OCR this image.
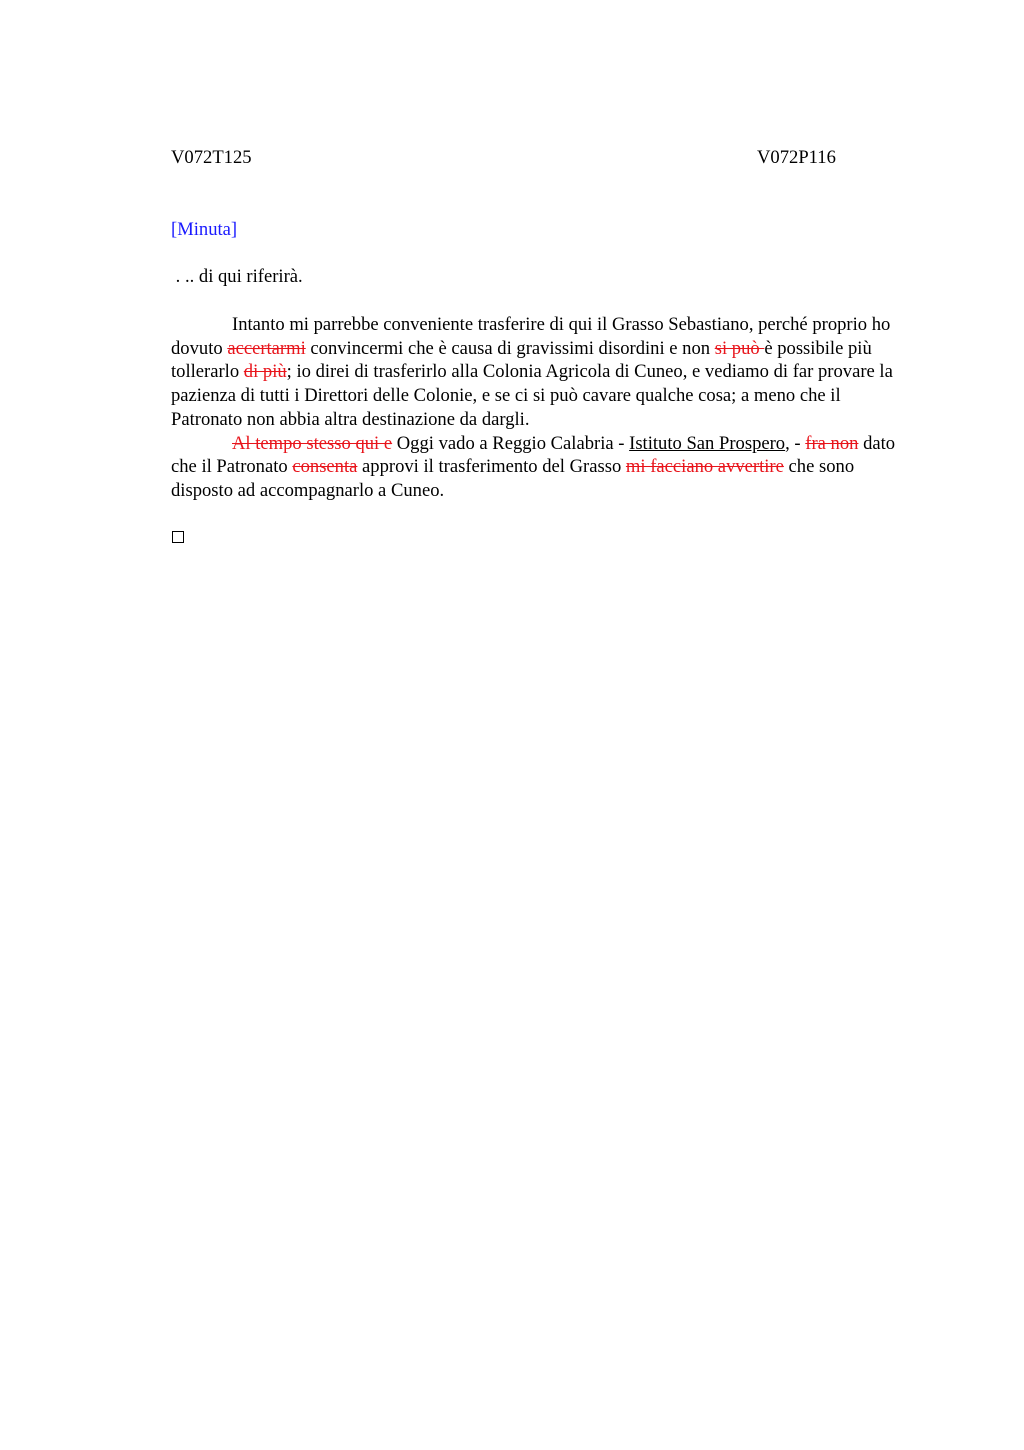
V072T125	V072P116
[Minuta]
. .. di qui riferirà.

Intanto mi parrebbe conveniente trasferire di qui il Grasso Sebastiano, perché proprio ho dovuto accertarmi convincermi che è causa di gravissimi disordini e non si può è possibile più tollerarlo di più; io direi di trasferirlo alla Colonia Agricola di Cuneo, e vediamo di far provare la pazienza di tutti i Direttori delle Colonie, e se ci si può cavare qualche cosa; a meno che il Patronato non abbia altra destinazione da dargli.

Al tempo stesso qui e Oggi vado a Reggio Calabria - Istituto San Prospero, - fra non dato che il Patronato consenta approvi il trasferimento del Grasso mi facciano avvertire che sono disposto ad accompagnarlo a Cuneo.
